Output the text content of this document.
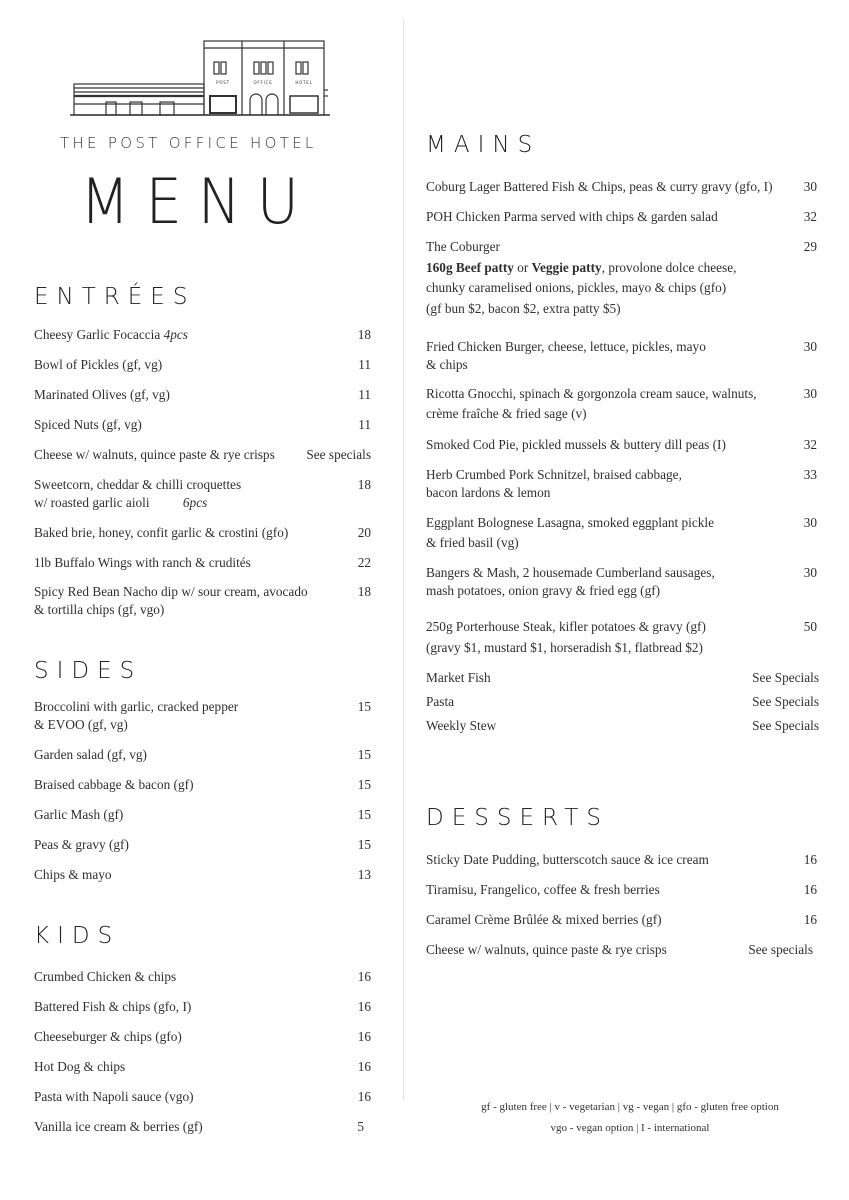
POST	OFFICE	HOTEL
THE POST OFFICE HOTEL
MENU
ENTRÉES
Cheesy Garlic Focaccia 4pcs	18
Bowl of Pickles (gf, vg)	11
Marinated Olives (gf, vg)	11
Spiced Nuts (gf, vg)	11
Cheese w/ walnuts, quince paste & rye crisps	See specials
Sweetcorn, cheddar & chilli croquettes
w/ roasted garlic aioli	6pcs
18
Baked brie, honey, confit garlic & crostini (gfo)	20
1lb Buffalo Wings with ranch & crudités	22
Spicy Red Bean Nacho dip w/ sour cream, avocado
& tortilla chips (gf, vgo)
18
SIDES
Broccolini with garlic, cracked pepper
& EVOO (gf, vg)
15
Garden salad (gf, vg)	15
Braised cabbage & bacon (gf)	15
Garlic Mash (gf)	15
Peas & gravy (gf)	15
Chips & mayo	13
KIDS
Crumbed Chicken & chips	16
Battered Fish & chips (gfo, I)	16
Cheeseburger & chips (gfo)	16
Hot Dog & chips	16
Pasta with Napoli sauce (vgo)	16
Vanilla ice cream & berries (gf)	5
MAINS
Coburg Lager Battered Fish & Chips, peas & curry gravy (gfo, I)	30
POH Chicken Parma served with chips & garden salad	32
The Coburger	29
160g Beef patty or Veggie patty, provolone dolce cheese,
chunky caramelised onions, pickles, mayo & chips (gfo)
(gf bun $2, bacon $2, extra patty $5)
Fried Chicken Burger, cheese, lettuce, pickles, mayo
& chips
30
Ricotta Gnocchi, spinach & gorgonzola cream sauce, walnuts,
crème fraîche & fried sage (v)
30
Smoked Cod Pie, pickled mussels & buttery dill peas (I)	32
Herb Crumbed Pork Schnitzel, braised cabbage,
bacon lardons & lemon
33
Eggplant Bolognese Lasagna, smoked eggplant pickle
& fried basil (vg)
30
Bangers & Mash, 2 housemade Cumberland sausages,
mash potatoes, onion gravy & fried egg (gf)
30
250g Porterhouse Steak, kifler potatoes & gravy (gf)
(gravy $1, mustard $1, horseradish $1, flatbread $2)
50
Market Fish	See Specials
Pasta	See Specials
Weekly Stew	See Specials
DESSERTS
Sticky Date Pudding, butterscotch sauce & ice cream	16
Tiramisu, Frangelico, coffee & fresh berries	16
Caramel Crème Brûlée & mixed berries (gf)	16
Cheese w/ walnuts, quince paste & rye crisps	See specials
gf - gluten free | v - vegetarian | vg - vegan | gfo - gluten free option
vgo - vegan option | I - international
